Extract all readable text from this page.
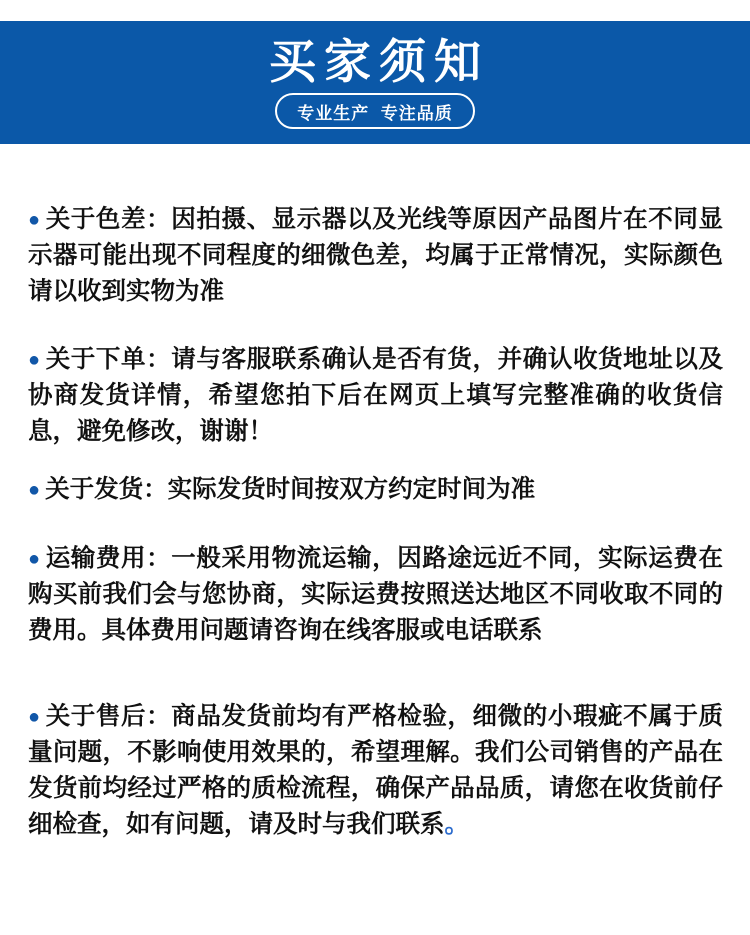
买家须知
专业生产  专注品质

● 关于色差：因拍摄、显示器以及光线等原因产品图片在不同显示器可能出现不同程度的细微色差，均属于正常情况，实际颜色请以收到实物为准

● 关于下单：请与客服联系确认是否有货，并确认收货地址以及协商发货详情，希望您拍下后在网页上填写完整准确的收货信息，避免修改，谢谢！

● 关于发货：实际发货时间按双方约定时间为准

● 运输费用：一般采用物流运输，因路途远近不同，实际运费在购买前我们会与您协商，实际运费按照送达地区不同收取不同的费用。具体费用问题请咨询在线客服或电话联系

● 关于售后：商品发货前均有严格检验，细微的小瑕疵不属于质量问题，不影响使用效果的，希望理解。我们公司销售的产品在发货前均经过严格的质检流程，确保产品品质，请您在收货前仔细检查，如有问题，请及时与我们联系。
